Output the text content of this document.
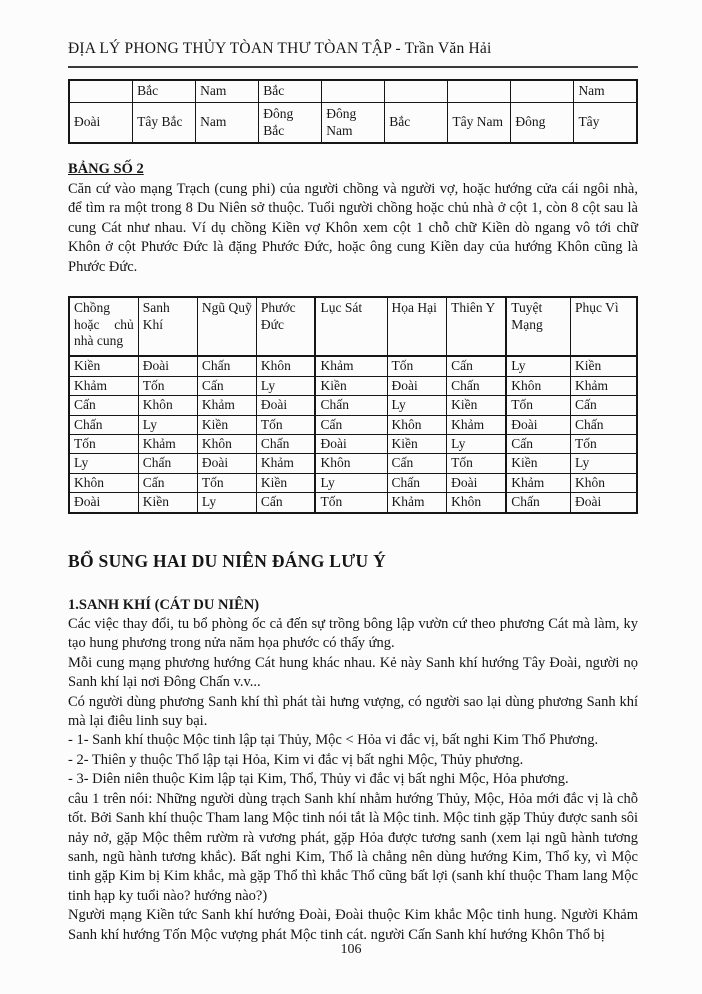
ĐỊA LÝ PHONG THỦY TÒAN THƯ TÒAN TẬP - Trần Văn Hải
	Bắc	Nam	Bắc					Nam
Đoài	Tây Bắc	Nam	Đông Bắc	Đông Nam	Bắc	Tây Nam	Đông	Tây
BẢNG SỐ 2

Căn cứ vào mạng Trạch (cung phi) của người chồng và người vợ, hoặc hướng cửa cái ngôi nhà, để tìm ra một trong 8 Du Niên sở thuộc. Tuổi người chồng hoặc chủ nhà ở cột 1, còn 8 cột sau là cung Cát như nhau. Ví dụ chồng Kiền vợ Khôn xem cột 1 chỗ chữ Kiền dò ngang vô tới chữ Khôn ở cột Phước Đức là đặng Phước Đức, hoặc ông cung Kiền day của hướng Khôn cũng là Phước Đức.

Chồng hoặc chủ nhà cung	Sanh Khí	Ngũ Quỹ	Phước Đức	Lục Sát	Họa Hại	Thiên Y	Tuyệt Mạng	Phục Vì
Kiền	Đoài	Chấn	Khôn	Khảm	Tốn	Cấn	Ly	Kiền
Khảm	Tốn	Cấn	Ly	Kiền	Đoài	Chấn	Khôn	Khảm
Cấn	Khôn	Khảm	Đoài	Chấn	Ly	Kiền	Tốn	Cấn
Chấn	Ly	Kiền	Tốn	Cấn	Khôn	Khảm	Đoài	Chấn
Tốn	Khảm	Khôn	Chấn	Đoài	Kiền	Ly	Cấn	Tốn
Ly	Chấn	Đoài	Khảm	Khôn	Cấn	Tốn	Kiền	Ly
Khôn	Cấn	Tốn	Kiền	Ly	Chấn	Đoài	Khảm	Khôn
Đoài	Kiền	Ly	Cấn	Tốn	Khảm	Khôn	Chấn	Đoài
BỔ SUNG HAI DU NIÊN ĐÁNG LƯU Ý
1.SANH KHÍ (CÁT DU NIÊN)

Các việc thay đổi, tu bổ phòng ốc cả đến sự trồng bông lập vườn cứ theo phương Cát mà làm, ky tạo hung phương trong nửa năm họa phước có thấy ứng.

Mỗi cung mạng phương hướng Cát hung khác nhau. Kẻ này Sanh khí hướng Tây Đoài, người nọ Sanh khí lại nơi Đông Chấn v.v...

Có người dùng phương Sanh khí thì phát tài hưng vượng, có người sao lại dùng phương Sanh khí mà lại điêu linh suy bại.

- 1- Sanh khí thuộc Mộc tinh lập tại Thủy, Mộc < Hỏa vi đắc vị, bất nghi Kim Thổ Phương.

- 2- Thiên y thuộc Thổ lập tại Hỏa, Kim vi đắc vị bất nghi Mộc, Thủy phương.

- 3- Diên niên thuộc Kim lập tại Kim, Thổ, Thủy vi đắc vị bất nghi Mộc, Hỏa phương.

câu 1 trên nói: Những người dùng trạch Sanh khí nhằm hướng Thủy, Mộc, Hỏa mới đắc vị là chỗ tốt. Bởi Sanh khí thuộc Tham lang Mộc tinh nói tắt là Mộc tinh. Mộc tinh gặp Thủy được sanh sôi nảy nở, gặp Mộc thêm rườm rà vương phát, gặp Hỏa được tương sanh (xem lại ngũ hành tương sanh, ngũ hành tương khắc). Bất nghi Kim, Thổ là chẳng nên dùng hướng Kim, Thổ ky, vì Mộc tinh gặp Kim bị Kim khắc, mà gặp Thổ thì khắc Thổ cũng bất lợi (sanh khí thuộc Tham lang Mộc tinh hạp ky tuổi nào? hướng nào?)

Người mạng Kiền tức Sanh khí hướng Đoài, Đoài thuộc Kim khắc Mộc tinh hung. Người Khảm Sanh khí hướng Tốn Mộc vượng phát Mộc tinh cát. người Cấn Sanh khí hướng Khôn Thổ bị

106
